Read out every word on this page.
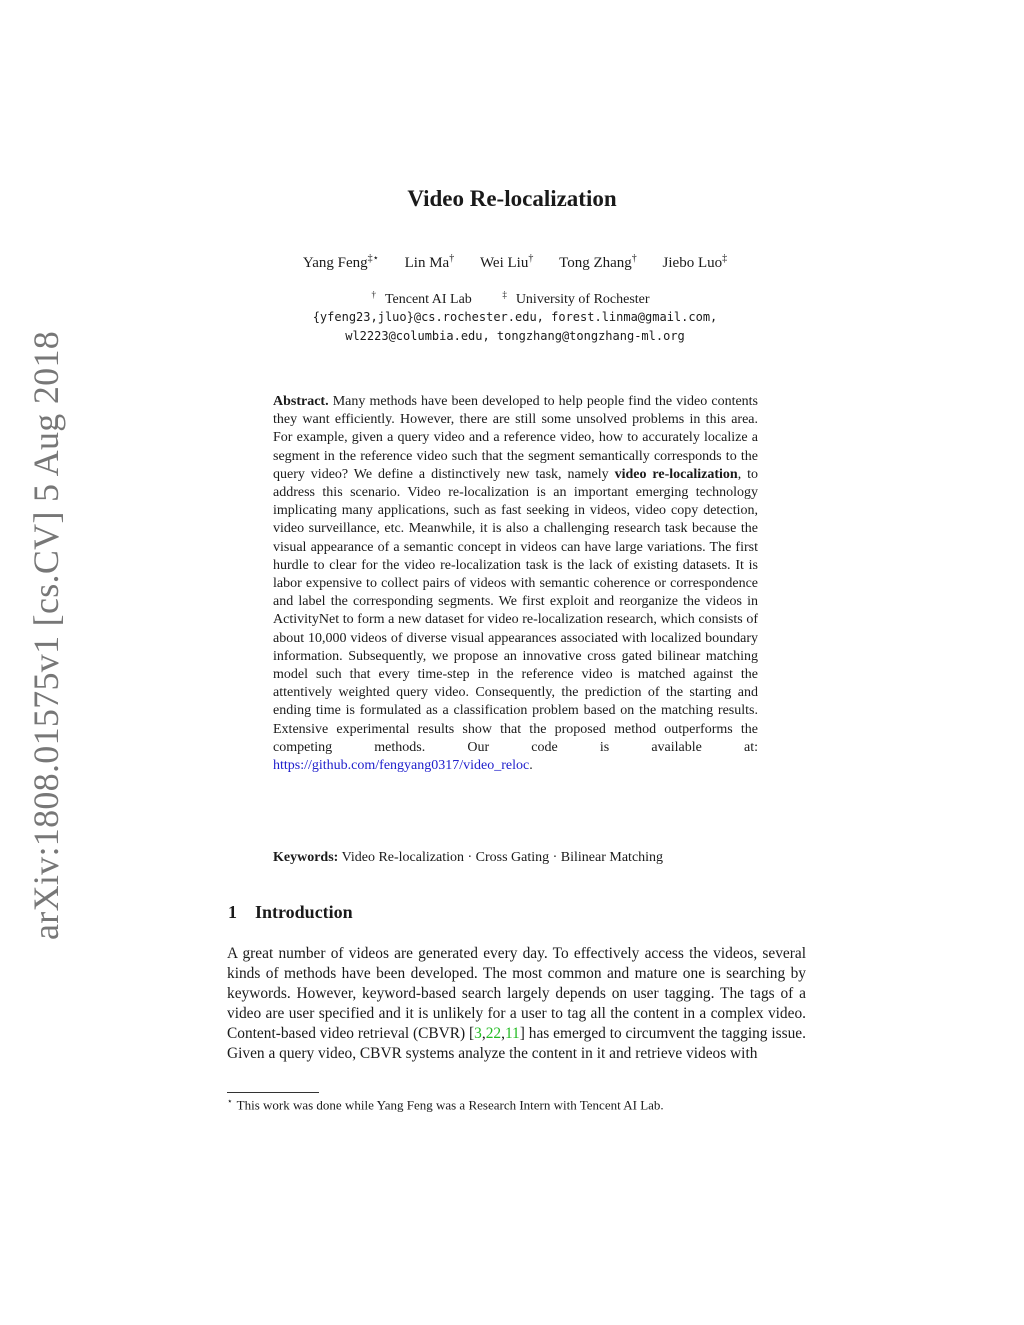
arXiv:1808.01575v1 [cs.CV] 5 Aug 2018
Video Re-localization
Yang Feng‡⋆ Lin Ma† Wei Liu† Tong Zhang† Jiebo Luo‡
† Tencent AI Lab	‡ University of Rochester
{yfeng23,jluo}@cs.rochester.edu, forest.linma@gmail.com,
wl2223@columbia.edu, tongzhang@tongzhang-ml.org
Abstract. Many methods have been developed to help people find the video contents they want efficiently. However, there are still some unsolved problems in this area. For example, given a query video and a reference video, how to accurately localize a segment in the reference video such that the segment semantically corresponds to the query video? We define a distinctively new task, namely video re-localization, to address this scenario. Video re-localization is an important emerging technology implicating many applications, such as fast seeking in videos, video copy detection, video surveillance, etc. Meanwhile, it is also a challenging research task because the visual appearance of a semantic concept in videos can have large variations. The first hurdle to clear for the video re-localization task is the lack of existing datasets. It is labor expensive to collect pairs of videos with semantic coherence or correspondence and label the corresponding segments. We first exploit and reorganize the videos in ActivityNet to form a new dataset for video re-localization research, which consists of about 10,000 videos of diverse visual appearances associated with localized boundary information. Subsequently, we propose an innovative cross gated bilinear matching model such that every time-step in the reference video is matched against the attentively weighted query video. Consequently, the prediction of the starting and ending time is formulated as a classification problem based on the matching results. Extensive experimental results show that the proposed method outperforms the competing methods. Our code is available at: https://github.com/fengyang0317/video_reloc.
Keywords: Video Re-localization · Cross Gating · Bilinear Matching
1 Introduction
A great number of videos are generated every day. To effectively access the videos, several kinds of methods have been developed. The most common and mature one is searching by keywords. However, keyword-based search largely depends on user tagging. The tags of a video are user specified and it is unlikely for a user to tag all the content in a complex video. Content-based video retrieval (CBVR) [3,22,11] has emerged to circumvent the tagging issue. Given a query video, CBVR systems analyze the content in it and retrieve videos with
⋆ This work was done while Yang Feng was a Research Intern with Tencent AI Lab.
